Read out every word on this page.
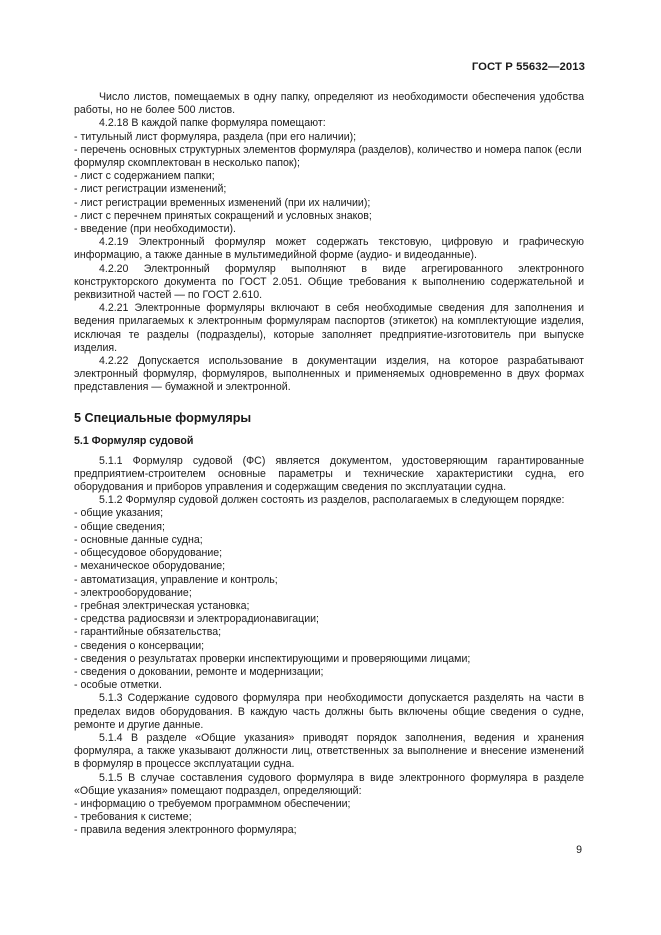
ГОСТ Р 55632—2013
Число листов, помещаемых в одну папку, определяют из необходимости обеспечения удобства работы, но не более 500 листов.
4.2.18 В каждой папке формуляра помещают:
- титульный лист формуляра, раздела (при его наличии);
- перечень основных структурных элементов формуляра (разделов), количество и номера папок (если формуляр скомплектован в несколько папок);
- лист с содержанием папки;
- лист регистрации изменений;
- лист регистрации временных изменений (при их наличии);
- лист с перечнем принятых сокращений и условных знаков;
- введение (при необходимости).
4.2.19 Электронный формуляр может содержать текстовую, цифровую и графическую информацию, а также данные в мультимедийной форме (аудио- и видеоданные).
4.2.20 Электронный формуляр выполняют в виде агрегированного электронного конструкторского документа по ГОСТ 2.051. Общие требования к выполнению содержательной и реквизитной частей — по ГОСТ 2.610.
4.2.21 Электронные формуляры включают в себя необходимые сведения для заполнения и ведения прилагаемых к электронным формулярам паспортов (этикеток) на комплектующие изделия, исключая те разделы (подразделы), которые заполняет предприятие-изготовитель при выпуске изделия.
4.2.22 Допускается использование в документации изделия, на которое разрабатывают электронный формуляр, формуляров, выполненных и применяемых одновременно в двух формах представления — бумажной и электронной.
5 Специальные формуляры
5.1 Формуляр судовой
5.1.1 Формуляр судовой (ФС) является документом, удостоверяющим гарантированные предприятием-строителем основные параметры и технические характеристики судна, его оборудования и приборов управления и содержащим сведения по эксплуатации судна.
5.1.2 Формуляр судовой должен состоять из разделов, располагаемых в следующем порядке:
- общие указания;
- общие сведения;
- основные данные судна;
- общесудовое оборудование;
- механическое оборудование;
- автоматизация, управление и контроль;
- электрооборудование;
- гребная электрическая установка;
- средства радиосвязи и электрорадионавигации;
- гарантийные обязательства;
- сведения о консервации;
- сведения о результатах проверки инспектирующими и проверяющими лицами;
- сведения о доковании, ремонте и модернизации;
- особые отметки.
5.1.3 Содержание судового формуляра при необходимости допускается разделять на части в пределах видов оборудования. В каждую часть должны быть включены общие сведения о судне, ремонте и другие данные.
5.1.4 В разделе «Общие указания» приводят порядок заполнения, ведения и хранения формуляра, а также указывают должности лиц, ответственных за выполнение и внесение изменений в формуляр в процессе эксплуатации судна.
5.1.5 В случае составления судового формуляра в виде электронного формуляра в разделе «Общие указания» помещают подраздел, определяющий:
- информацию о требуемом программном обеспечении;
- требования к системе;
- правила ведения электронного формуляра;
9
